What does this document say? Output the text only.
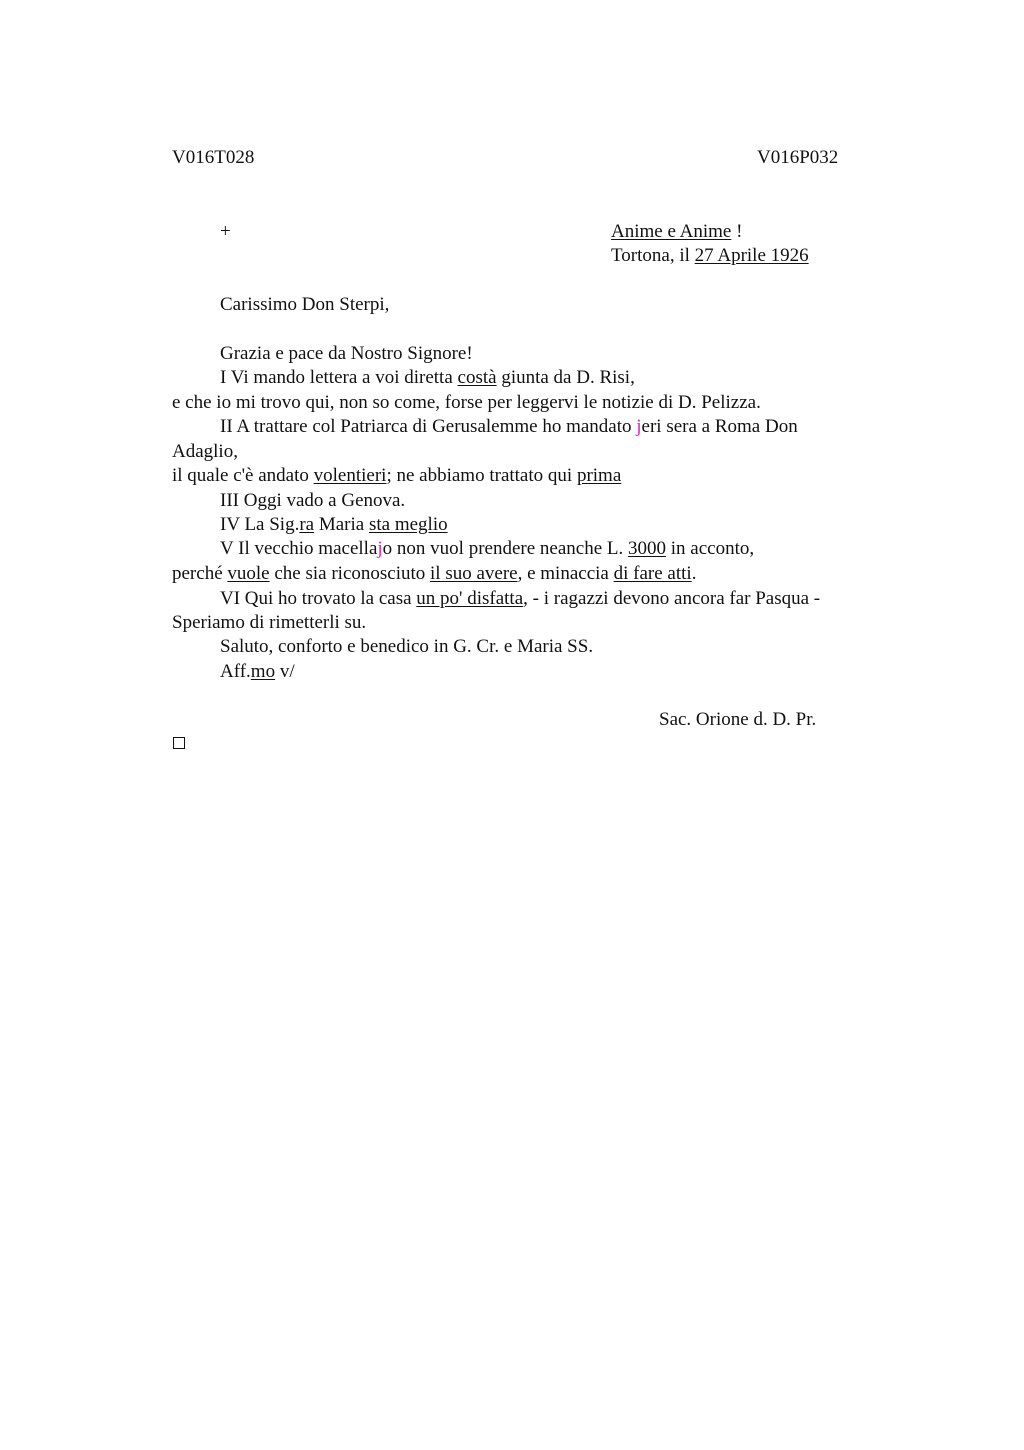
V016T028	V016P032
+	Anime e Anime !
Tortona, il 27 Aprile 1926
Carissimo Don Sterpi,
Grazia e pace da Nostro Signore!
I Vi mando lettera a voi diretta costà giunta da D. Risi,
e che io mi trovo qui, non so come, forse per leggervi le notizie di D. Pelizza.
II A trattare col Patriarca di Gerusalemme ho mandato jeri sera a Roma Don
Adaglio,
il quale c'è andato volentieri; ne abbiamo trattato qui prima
III Oggi vado a Genova.
IV La Sig.ra Maria sta meglio
V Il vecchio macellajo non vuol prendere neanche L. 3000 in acconto,
perché vuole che sia riconosciuto il suo avere, e minaccia di fare atti.
VI Qui ho trovato la casa un po' disfatta, - i ragazzi devono ancora far Pasqua -
Speriamo di rimetterli su.
Saluto, conforto e benedico in G. Cr. e Maria SS.
Aff.mo v/
Sac. Orione d. D. Pr.
